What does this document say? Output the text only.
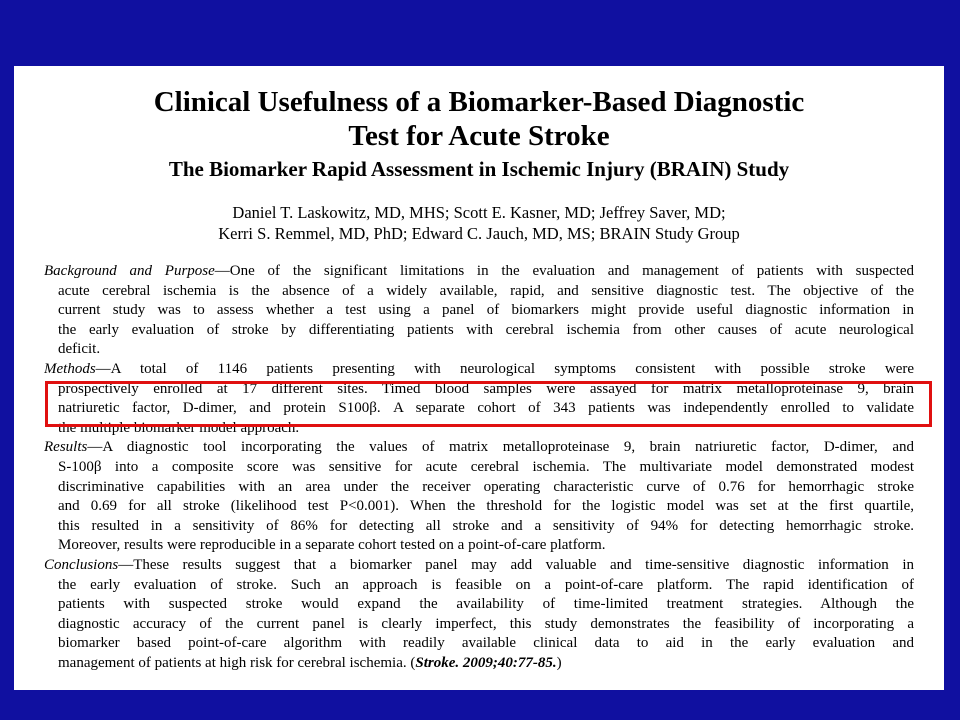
Clinical Usefulness of a Biomarker-Based Diagnostic
Test for Acute Stroke
The Biomarker Rapid Assessment in Ischemic Injury (BRAIN) Study

Daniel T. Laskowitz, MD, MHS; Scott E. Kasner, MD; Jeffrey Saver, MD;

Kerri S. Remmel, MD, PhD; Edward C. Jauch, MD, MS; BRAIN Study Group

Background and Purpose—One of the significant limitations in the evaluation and management of patients with suspected
acute cerebral ischemia is the absence of a widely available, rapid, and sensitive diagnostic test. The objective of the
current study was to assess whether a test using a panel of biomarkers might provide useful diagnostic information in
the early evaluation of stroke by differentiating patients with cerebral ischemia from other causes of acute neurological
deficit.
Methods—A total of 1146 patients presenting with neurological symptoms consistent with possible stroke were
prospectively enrolled at 17 different sites. Timed blood samples were assayed for matrix metalloproteinase 9, brain
natriuretic factor, D-dimer, and protein S100β. A separate cohort of 343 patients was independently enrolled to validate
the multiple biomarker model approach.
Results—A diagnostic tool incorporating the values of matrix metalloproteinase 9, brain natriuretic factor, D-dimer, and
S-100β into a composite score was sensitive for acute cerebral ischemia. The multivariate model demonstrated modest
discriminative capabilities with an area under the receiver operating characteristic curve of 0.76 for hemorrhagic stroke
and 0.69 for all stroke (likelihood test P<0.001). When the threshold for the logistic model was set at the first quartile,
this resulted in a sensitivity of 86% for detecting all stroke and a sensitivity of 94% for detecting hemorrhagic stroke.
Moreover, results were reproducible in a separate cohort tested on a point-of-care platform.
Conclusions—These results suggest that a biomarker panel may add valuable and time-sensitive diagnostic information in
the early evaluation of stroke. Such an approach is feasible on a point-of-care platform. The rapid identification of
patients with suspected stroke would expand the availability of time-limited treatment strategies. Although the
diagnostic accuracy of the current panel is clearly imperfect, this study demonstrates the feasibility of incorporating a
biomarker based point-of-care algorithm with readily available clinical data to aid in the early evaluation and
management of patients at high risk for cerebral ischemia. (Stroke. 2009;40:77-85.)
